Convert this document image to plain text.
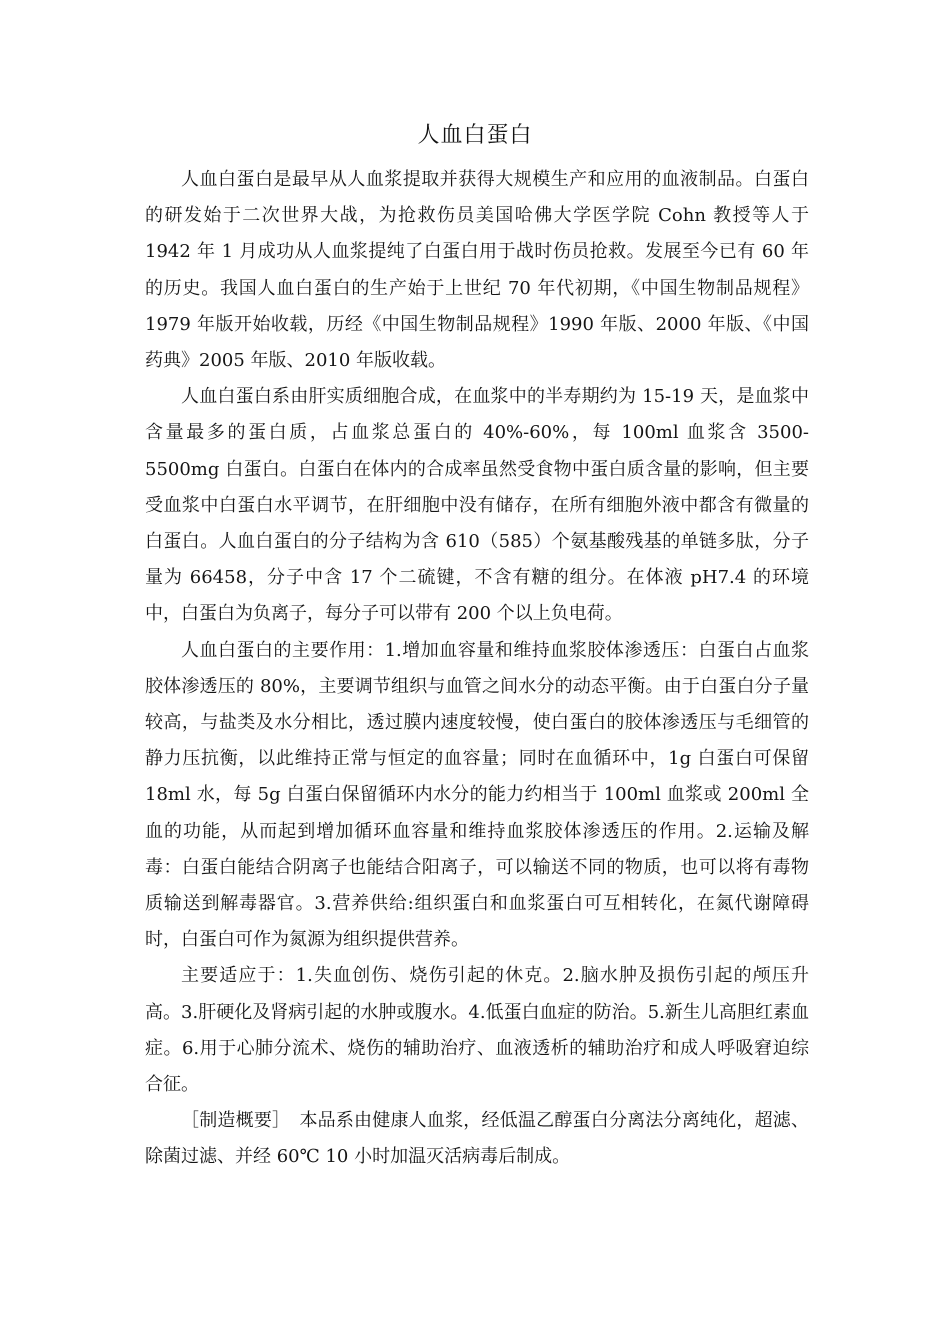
人血白蛋白

人血白蛋白是最早从人血浆提取并获得大规模生产和应用的血液制品。白蛋白的研发始于二次世界大战，为抢救伤员美国哈佛大学医学院 Cohn 教授等人于 1942 年 1 月成功从人血浆提纯了白蛋白用于战时伤员抢救。发展至今已有 60 年的历史。我国人血白蛋白的生产始于上世纪 70 年代初期，《中国生物制品规程》1979 年版开始收载，历经《中国生物制品规程》1990 年版、2000 年版、《中国药典》2005 年版、2010 年版收载。

人血白蛋白系由肝实质细胞合成，在血浆中的半寿期约为 15-19 天，是血浆中含量最多的蛋白质，占血浆总蛋白的 40%-60%，每 100ml 血浆含 3500-5500mg 白蛋白。白蛋白在体内的合成率虽然受食物中蛋白质含量的影响，但主要受血浆中白蛋白水平调节，在肝细胞中没有储存，在所有细胞外液中都含有微量的白蛋白。人血白蛋白的分子结构为含 610（585）个氨基酸残基的单链多肽，分子量为 66458，分子中含 17 个二硫键，不含有糖的组分。在体液 pH7.4 的环境中，白蛋白为负离子，每分子可以带有 200 个以上负电荷。

人血白蛋白的主要作用：1.增加血容量和维持血浆胶体渗透压：白蛋白占血浆胶体渗透压的 80%，主要调节组织与血管之间水分的动态平衡。由于白蛋白分子量较高，与盐类及水分相比，透过膜内速度较慢，使白蛋白的胶体渗透压与毛细管的静力压抗衡，以此维持正常与恒定的血容量；同时在血循环中，1g 白蛋白可保留 18ml 水，每 5g 白蛋白保留循环内水分的能力约相当于 100ml 血浆或 200ml 全血的功能，从而起到增加循环血容量和维持血浆胶体渗透压的作用。2.运输及解毒：白蛋白能结合阴离子也能结合阳离子，可以输送不同的物质，也可以将有毒物质输送到解毒器官。3.营养供给:组织蛋白和血浆蛋白可互相转化，在氮代谢障碍时，白蛋白可作为氮源为组织提供营养。

主要适应于：1.失血创伤、烧伤引起的休克。2.脑水肿及损伤引起的颅压升高。3.肝硬化及肾病引起的水肿或腹水。4.低蛋白血症的防治。5.新生儿高胆红素血症。6.用于心肺分流术、烧伤的辅助治疗、血液透析的辅助治疗和成人呼吸窘迫综合征。

［制造概要］　本品系由健康人血浆，经低温乙醇蛋白分离法分离纯化，超滤、除菌过滤、并经 60℃ 10 小时加温灭活病毒后制成。
